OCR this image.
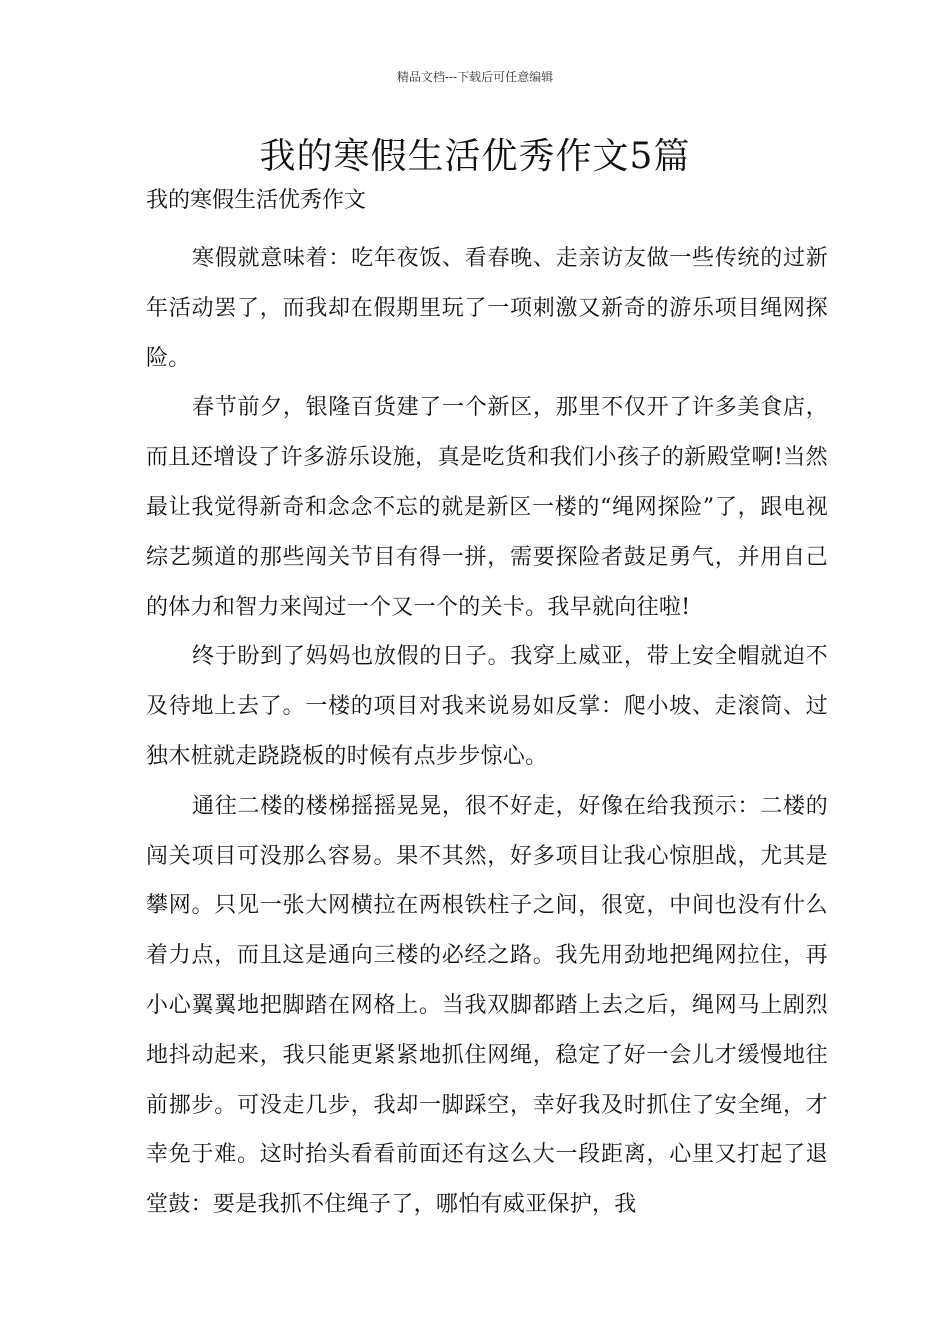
精品文档---下载后可任意编辑
我的寒假生活优秀作文5篇

我的寒假生活优秀作文

寒假就意味着：吃年夜饭、看春晚、走亲访友做一些传统的过新年活动罢了，而我却在假期里玩了一项刺激又新奇的游乐项目绳网探险。

春节前夕，银隆百货建了一个新区，那里不仅开了许多美食店，而且还增设了许多游乐设施，真是吃货和我们小孩子的新殿堂啊!当然最让我觉得新奇和念念不忘的就是新区一楼的“绳网探险”了，跟电视综艺频道的那些闯关节目有得一拼，需要探险者鼓足勇气，并用自己的体力和智力来闯过一个又一个的关卡。我早就向往啦!

终于盼到了妈妈也放假的日子。我穿上威亚，带上安全帽就迫不及待地上去了。一楼的项目对我来说易如反掌：爬小坡、走滚筒、过独木桩就走跷跷板的时候有点步步惊心。

通往二楼的楼梯摇摇晃晃，很不好走，好像在给我预示：二楼的闯关项目可没那么容易。果不其然，好多项目让我心惊胆战，尤其是攀网。只见一张大网横拉在两根铁柱子之间，很宽，中间也没有什么着力点，而且这是通向三楼的必经之路。我先用劲地把绳网拉住，再小心翼翼地把脚踏在网格上。当我双脚都踏上去之后，绳网马上剧烈地抖动起来，我只能更紧紧地抓住网绳，稳定了好一会儿才缓慢地往前挪步。可没走几步，我却一脚踩空，幸好我及时抓住了安全绳，才幸免于难。这时抬头看看前面还有这么大一段距离，心里又打起了退堂鼓：要是我抓不住绳子了，哪怕有威亚保护，我
